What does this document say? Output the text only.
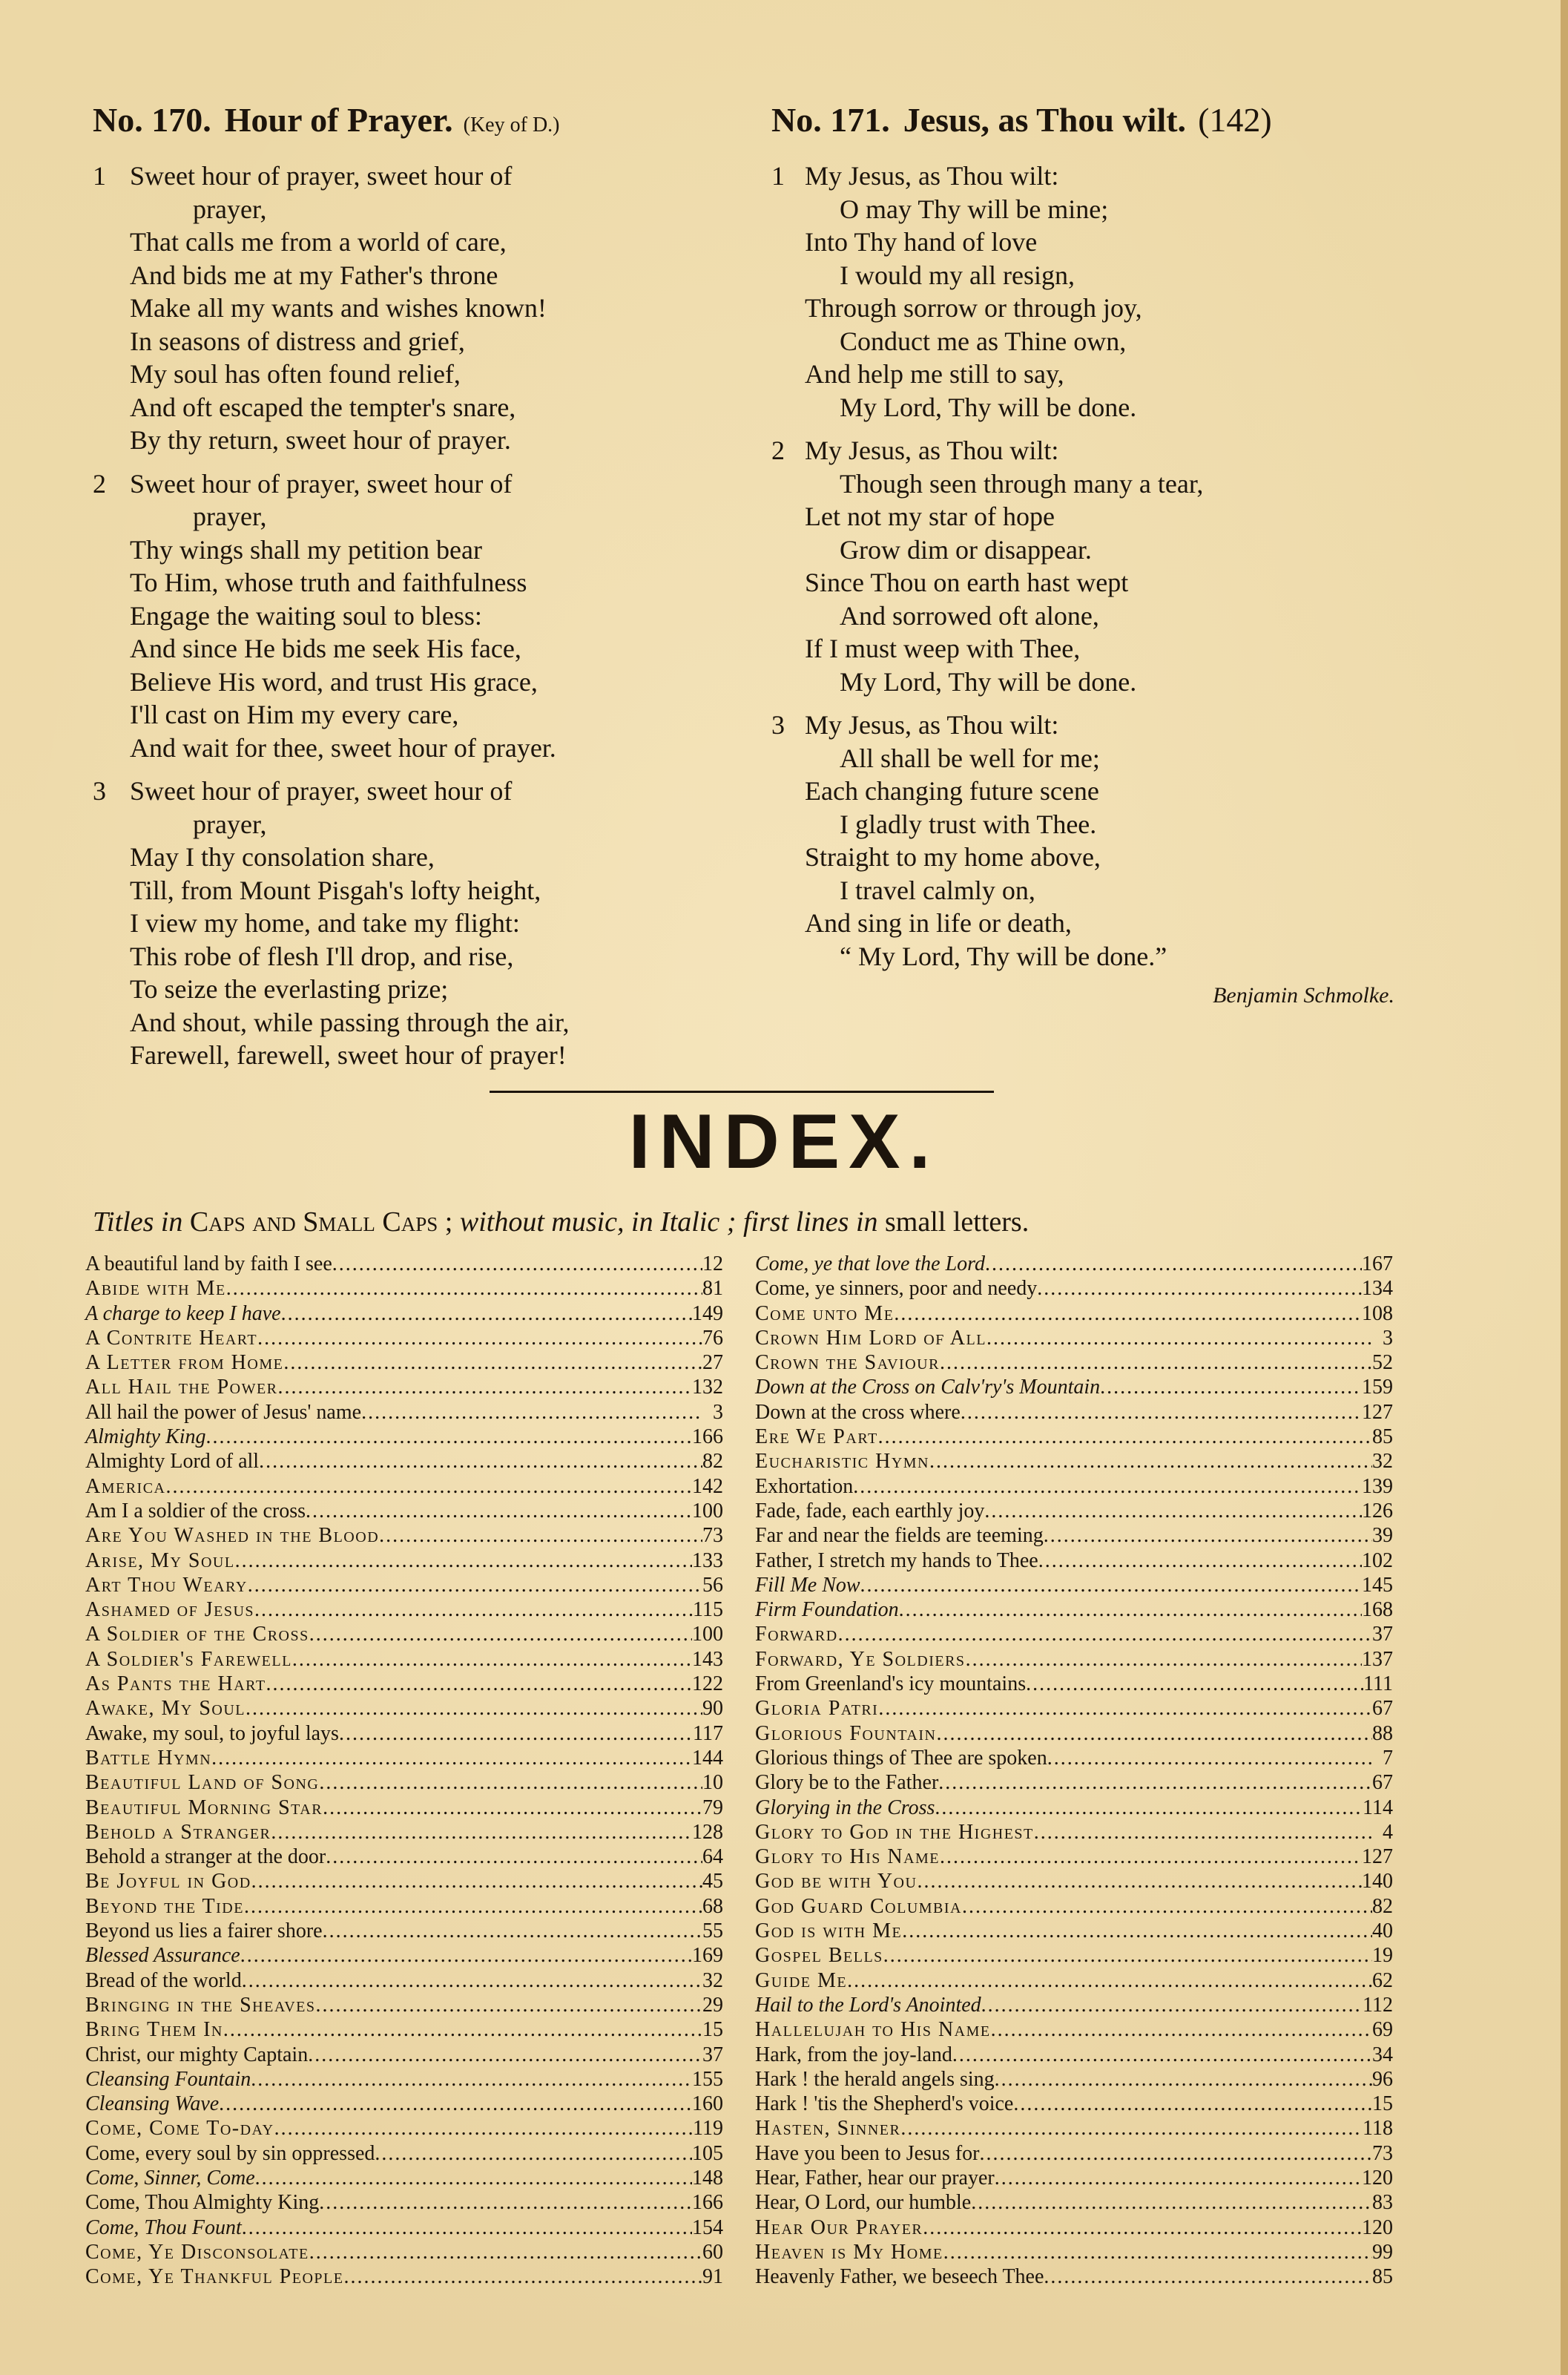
No. 170. Hour of Prayer. (Key of D.)
1 Sweet hour of prayer, sweet hour of
prayer,
That calls me from a world of care,
And bids me at my Father's throne
Make all my wants and wishes known!
In seasons of distress and grief,
My soul has often found relief,
And oft escaped the tempter's snare,
By thy return, sweet hour of prayer.
2 Sweet hour of prayer, sweet hour of
prayer,
Thy wings shall my petition bear
To Him, whose truth and faithfulness
Engage the waiting soul to bless:
And since He bids me seek His face,
Believe His word, and trust His grace,
I'll cast on Him my every care,
And wait for thee, sweet hour of prayer.
3 Sweet hour of prayer, sweet hour of
prayer,
May I thy consolation share,
Till, from Mount Pisgah's lofty height,
I view my home, and take my flight:
This robe of flesh I'll drop, and rise,
To seize the everlasting prize;
And shout, while passing through the air,
Farewell, farewell, sweet hour of prayer!
No. 171. Jesus, as Thou wilt. (142)
1 My Jesus, as Thou wilt:
O may Thy will be mine;
Into Thy hand of love
I would my all resign,
Through sorrow or through joy,
Conduct me as Thine own,
And help me still to say,
My Lord, Thy will be done.
2 My Jesus, as Thou wilt:
Though seen through many a tear,
Let not my star of hope
Grow dim or disappear.
Since Thou on earth hast wept
And sorrowed oft alone,
If I must weep with Thee,
My Lord, Thy will be done.
3 My Jesus, as Thou wilt:
All shall be well for me;
Each changing future scene
I gladly trust with Thee.
Straight to my home above,
I travel calmly on,
And sing in life or death,
“ My Lord, Thy will be done.”
Benjamin Schmolke.
INDEX.
Titles in Caps and Small Caps ; without music, in Italic ; first lines in small letters.
A beautiful land by faith I see .....	12
Abide with Me .....	81
A charge to keep I have .....	149
A Contrite Heart .....	76
A Letter from Home .....	27
All Hail the Power .....	132
All hail the power of Jesus' name .....	3
Almighty King .....	166
Almighty Lord of all .....	82
America .....	142
Am I a soldier of the cross .....	100
Are You Washed in the Blood .....	73
Arise, My Soul .....	133
Art Thou Weary .....	56
Ashamed of Jesus .....	115
A Soldier of the Cross .....	100
A Soldier's Farewell .....	143
As Pants the Hart .....	122
Awake, My Soul .....	90
Awake, my soul, to joyful lays .....	117
Battle Hymn .....	144
Beautiful Land of Song .....	10
Beautiful Morning Star .....	79
Behold a Stranger .....	128
Behold a stranger at the door .....	64
Be Joyful in God .....	45
Beyond the Tide .....	68
Beyond us lies a fairer shore .....	55
Blessed Assurance .....	169
Bread of the world .....	32
Bringing in the Sheaves .....	29
Bring Them In .....	15
Christ, our mighty Captain .....	37
Cleansing Fountain .....	155
Cleansing Wave .....	160
Come, Come To-day .....	119
Come, every soul by sin oppressed .....	105
Come, Sinner, Come .....	148
Come, Thou Almighty King .....	166
Come, Thou Fount .....	154
Come, Ye Disconsolate .....	60
Come, Ye Thankful People .....	91
Come, ye that love the Lord .....	167
Come, ye sinners, poor and needy .....	134
Come unto Me .....	108
Crown Him Lord of All .....	3
Crown the Saviour .....	52
Down at the Cross on Calv'ry's Mountain .....	159
Down at the cross where .....	127
Ere We Part .....	85
Eucharistic Hymn .....	32
Exhortation .....	139
Fade, fade, each earthly joy .....	126
Far and near the fields are teeming .....	39
Father, I stretch my hands to Thee .....	102
Fill Me Now .....	145
Firm Foundation .....	168
Forward .....	37
Forward, Ye Soldiers .....	137
From Greenland's icy mountains .....	111
Gloria Patri .....	67
Glorious Fountain .....	88
Glorious things of Thee are spoken .....	7
Glory be to the Father .....	67
Glorying in the Cross .....	114
Glory to God in the Highest .....	4
Glory to His Name .....	127
God be with You .....	140
God Guard Columbia .....	82
God is with Me .....	40
Gospel Bells .....	19
Guide Me .....	62
Hail to the Lord's Anointed .....	112
Hallelujah to His Name .....	69
Hark, from the joy-land .....	34
Hark ! the herald angels sing .....	96
Hark ! 'tis the Shepherd's voice .....	15
Hasten, Sinner .....	118
Have you been to Jesus for .....	73
Hear, Father, hear our prayer .....	120
Hear, O Lord, our humble .....	83
Hear Our Prayer .....	120
Heaven is My Home .....	99
Heavenly Father, we beseech Thee .....	85
